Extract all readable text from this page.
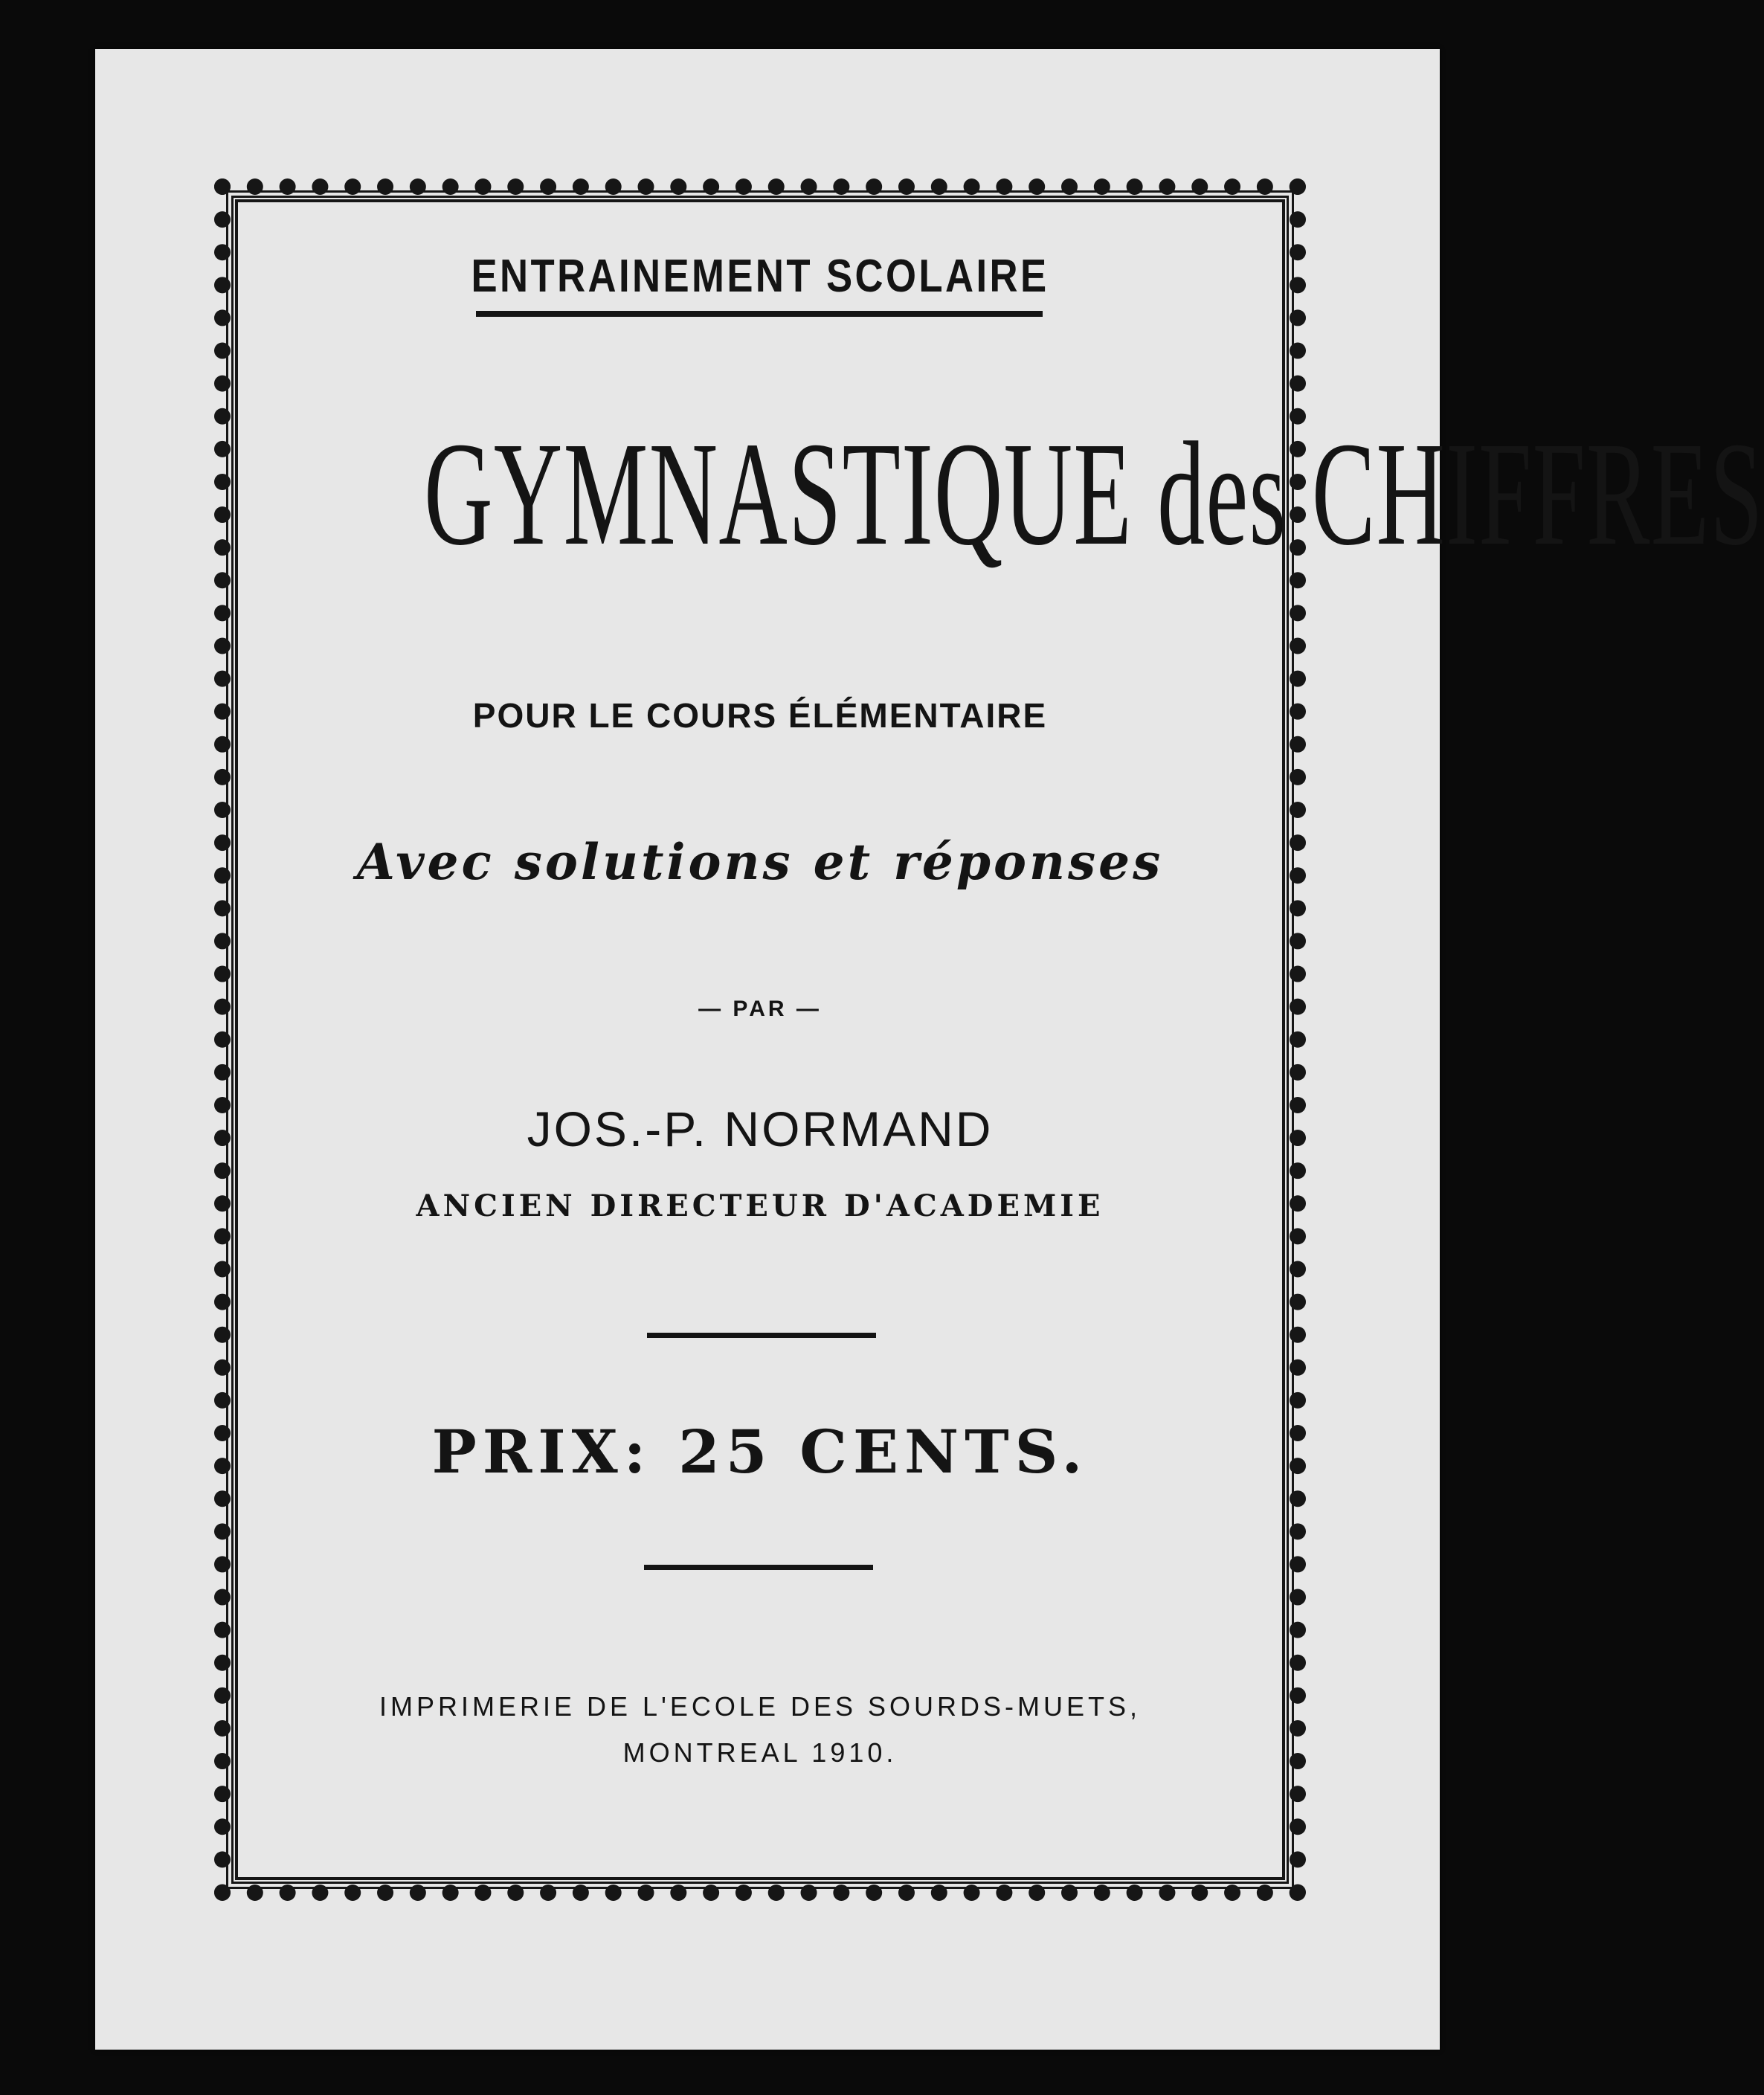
ENTRAINEMENT SCOLAIRE

GYMNASTIQUE des CHIFFRES

POUR LE COURS ÉLÉMENTAIRE

Avec solutions et réponses

— PAR —

JOS.-P. NORMAND

ANCIEN DIRECTEUR D'ACADEMIE

PRIX: 25 CENTS.

IMPRIMERIE DE L'ECOLE DES SOURDS-MUETS,

MONTREAL 1910.
